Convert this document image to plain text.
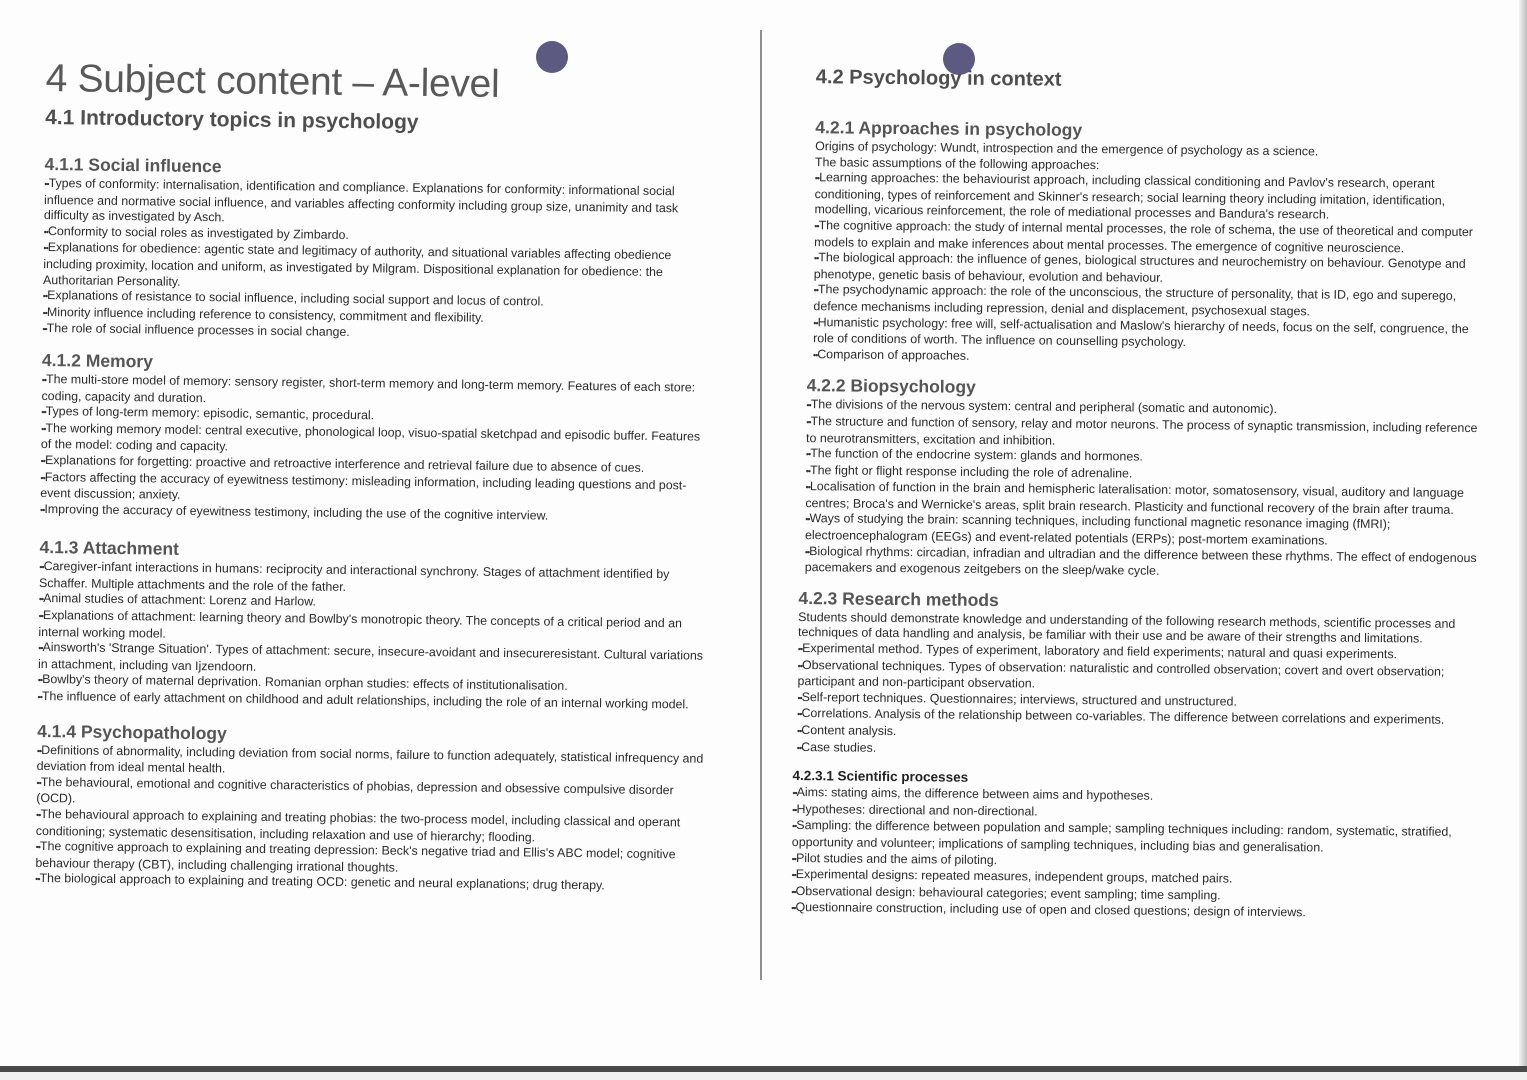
4 Subject content – A-level
4.1 Introductory topics in psychology
4.1.1 Social influence
•• Types of conformity: internalisation, identification and compliance. Explanations for conformity: informational social influence and normative social influence, and variables affecting conformity including group size, unanimity and task difficulty as investigated by Asch.
•• Conformity to social roles as investigated by Zimbardo.
•• Explanations for obedience: agentic state and legitimacy of authority, and situational variables affecting obedience including proximity, location and uniform, as investigated by Milgram. Dispositional explanation for obedience: the Authoritarian Personality.
•• Explanations of resistance to social influence, including social support and locus of control.
•• Minority influence including reference to consistency, commitment and flexibility.
•• The role of social influence processes in social change.
4.1.2 Memory
•• The multi-store model of memory: sensory register, short-term memory and long-term memory. Features of each store: coding, capacity and duration.
•• Types of long-term memory: episodic, semantic, procedural.
•• The working memory model: central executive, phonological loop, visuo-spatial sketchpad and episodic buffer. Features of the model: coding and capacity.
•• Explanations for forgetting: proactive and retroactive interference and retrieval failure due to absence of cues.
•• Factors affecting the accuracy of eyewitness testimony: misleading information, including leading questions and post-event discussion; anxiety.
•• Improving the accuracy of eyewitness testimony, including the use of the cognitive interview.
4.1.3 Attachment
•• Caregiver-infant interactions in humans: reciprocity and interactional synchrony. Stages of attachment identified by Schaffer. Multiple attachments and the role of the father.
•• Animal studies of attachment: Lorenz and Harlow.
•• Explanations of attachment: learning theory and Bowlby's monotropic theory. The concepts of a critical period and an internal working model.
•• Ainsworth's 'Strange Situation'. Types of attachment: secure, insecure-avoidant and insecureresistant. Cultural variations in attachment, including van Ijzendoorn.
•• Bowlby's theory of maternal deprivation. Romanian orphan studies: effects of institutionalisation.
•• The influence of early attachment on childhood and adult relationships, including the role of an internal working model.
4.1.4 Psychopathology
•• Definitions of abnormality, including deviation from social norms, failure to function adequately, statistical infrequency and deviation from ideal mental health.
•• The behavioural, emotional and cognitive characteristics of phobias, depression and obsessive compulsive disorder (OCD).
•• The behavioural approach to explaining and treating phobias: the two-process model, including classical and operant conditioning; systematic desensitisation, including relaxation and use of hierarchy; flooding.
•• The cognitive approach to explaining and treating depression: Beck's negative triad and Ellis's ABC model; cognitive behaviour therapy (CBT), including challenging irrational thoughts.
•• The biological approach to explaining and treating OCD: genetic and neural explanations; drug therapy.
4.2 Psychology in context
4.2.1 Approaches in psychology

Origins of psychology: Wundt, introspection and the emergence of psychology as a science.

The basic assumptions of the following approaches:

•• Learning approaches: the behaviourist approach, including classical conditioning and Pavlov's research, operant conditioning, types of reinforcement and Skinner's research; social learning theory including imitation, identification, modelling, vicarious reinforcement, the role of mediational processes and Bandura's research.
•• The cognitive approach: the study of internal mental processes, the role of schema, the use of theoretical and computer models to explain and make inferences about mental processes. The emergence of cognitive neuroscience.
•• The biological approach: the influence of genes, biological structures and neurochemistry on behaviour. Genotype and phenotype, genetic basis of behaviour, evolution and behaviour.
•• The psychodynamic approach: the role of the unconscious, the structure of personality, that is ID, ego and superego, defence mechanisms including repression, denial and displacement, psychosexual stages.
•• Humanistic psychology: free will, self-actualisation and Maslow's hierarchy of needs, focus on the self, congruence, the role of conditions of worth. The influence on counselling psychology.
•• Comparison of approaches.
4.2.2 Biopsychology
•• The divisions of the nervous system: central and peripheral (somatic and autonomic).
•• The structure and function of sensory, relay and motor neurons. The process of synaptic transmission, including reference to neurotransmitters, excitation and inhibition.
•• The function of the endocrine system: glands and hormones.
•• The fight or flight response including the role of adrenaline.
•• Localisation of function in the brain and hemispheric lateralisation: motor, somatosensory, visual, auditory and language centres; Broca's and Wernicke's areas, split brain research. Plasticity and functional recovery of the brain after trauma.
•• Ways of studying the brain: scanning techniques, including functional magnetic resonance imaging (fMRI); electroencephalogram (EEGs) and event-related potentials (ERPs); post-mortem examinations.
•• Biological rhythms: circadian, infradian and ultradian and the difference between these rhythms. The effect of endogenous pacemakers and exogenous zeitgebers on the sleep/wake cycle.
4.2.3 Research methods

Students should demonstrate knowledge and understanding of the following research methods, scientific processes and techniques of data handling and analysis, be familiar with their use and be aware of their strengths and limitations.

•• Experimental method. Types of experiment, laboratory and field experiments; natural and quasi experiments.
•• Observational techniques. Types of observation: naturalistic and controlled observation; covert and overt observation; participant and non-participant observation.
•• Self-report techniques. Questionnaires; interviews, structured and unstructured.
•• Correlations. Analysis of the relationship between co-variables. The difference between correlations and experiments.
•• Content analysis.
•• Case studies.
4.2.3.1 Scientific processes
•• Aims: stating aims, the difference between aims and hypotheses.
•• Hypotheses: directional and non-directional.
•• Sampling: the difference between population and sample; sampling techniques including: random, systematic, stratified, opportunity and volunteer; implications of sampling techniques, including bias and generalisation.
•• Pilot studies and the aims of piloting.
•• Experimental designs: repeated measures, independent groups, matched pairs.
•• Observational design: behavioural categories; event sampling; time sampling.
•• Questionnaire construction, including use of open and closed questions; design of interviews.
